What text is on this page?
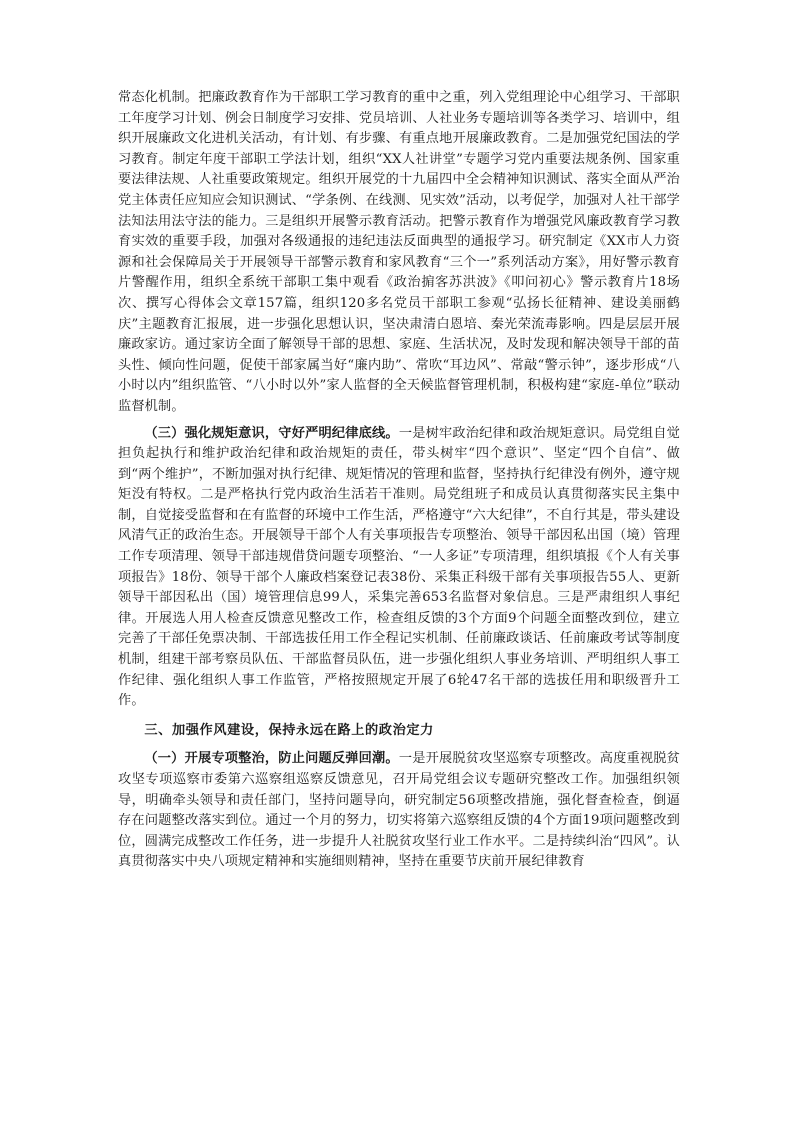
常态化机制。把廉政教育作为干部职工学习教育的重中之重，列入党组理论中心组学习、干部职工年度学习计划、例会日制度学习安排、党员培训、人社业务专题培训等各类学习、培训中，组织开展廉政文化进机关活动，有计划、有步骤、有重点地开展廉政教育。二是加强党纪国法的学习教育。制定年度干部职工学法计划，组织“XX人社讲堂”专题学习党内重要法规条例、国家重要法律法规、人社重要政策规定。组织开展党的十九届四中全会精神知识测试、落实全面从严治党主体责任应知应会知识测试、“学条例、在线测、见实效”活动，以考促学，加强对人社干部学法知法用法守法的能力。三是组织开展警示教育活动。把警示教育作为增强党风廉政教育学习教育实效的重要手段，加强对各级通报的违纪违法反面典型的通报学习。研究制定《XX市人力资源和社会保障局关于开展领导干部警示教育和家风教育“三个一”系列活动方案》，用好警示教育片警醒作用，组织全系统干部职工集中观看《政治掮客苏洪波》《叩问初心》警示教育片18场次、撰写心得体会文章157篇，组织120多名党员干部职工参观“弘扬长征精神、建设美丽鹤庆”主题教育汇报展，进一步强化思想认识，坚决肃清白恩培、秦光荣流毒影响。四是层层开展廉政家访。通过家访全面了解领导干部的思想、家庭、生活状况，及时发现和解决领导干部的苗头性、倾向性问题，促使干部家属当好“廉内助”、常吹“耳边风”、常敲“警示钟”，逐步形成“八小时以内”组织监管、“八小时以外”家人监督的全天候监督管理机制，积极构建“家庭-单位”联动监督机制。

（三）强化规矩意识，守好严明纪律底线。一是树牢政治纪律和政治规矩意识。局党组自觉担负起执行和维护政治纪律和政治规矩的责任，带头树牢“四个意识”、坚定“四个自信”、做到“两个维护”，不断加强对执行纪律、规矩情况的管理和监督，坚持执行纪律没有例外，遵守规矩没有特权。二是严格执行党内政治生活若干准则。局党组班子和成员认真贯彻落实民主集中制，自觉接受监督和在有监督的环境中工作生活，严格遵守“六大纪律”，不自行其是，带头建设风清气正的政治生态。开展领导干部个人有关事项报告专项整治、领导干部因私出国（境）管理工作专项清理、领导干部违规借贷问题专项整治、“一人多证”专项清理，组织填报《个人有关事项报告》18份、领导干部个人廉政档案登记表38份、采集正科级干部有关事项报告55人、更新领导干部因私出（国）境管理信息99人，采集完善653名监督对象信息。三是严肃组织人事纪律。开展选人用人检查反馈意见整改工作，检查组反馈的3个方面9个问题全面整改到位，建立完善了干部任免票决制、干部选拔任用工作全程记实机制、任前廉政谈话、任前廉政考试等制度机制，组建干部考察员队伍、干部监督员队伍，进一步强化组织人事业务培训、严明组织人事工作纪律、强化组织人事工作监管，严格按照规定开展了6轮47名干部的选拔任用和职级晋升工作。

三、加强作风建设，保持永远在路上的政治定力

（一）开展专项整治，防止问题反弹回潮。一是开展脱贫攻坚巡察专项整改。高度重视脱贫攻坚专项巡察市委第六巡察组巡察反馈意见，召开局党组会议专题研究整改工作。加强组织领导，明确牵头领导和责任部门，坚持问题导向，研究制定56项整改措施，强化督查检查，倒逼存在问题整改落实到位。通过一个月的努力，切实将第六巡察组反馈的4个方面19项问题整改到位，圆满完成整改工作任务，进一步提升人社脱贫攻坚行业工作水平。二是持续纠治“四风”。认真贯彻落实中央八项规定精神和实施细则精神，坚持在重要节庆前开展纪律教育
